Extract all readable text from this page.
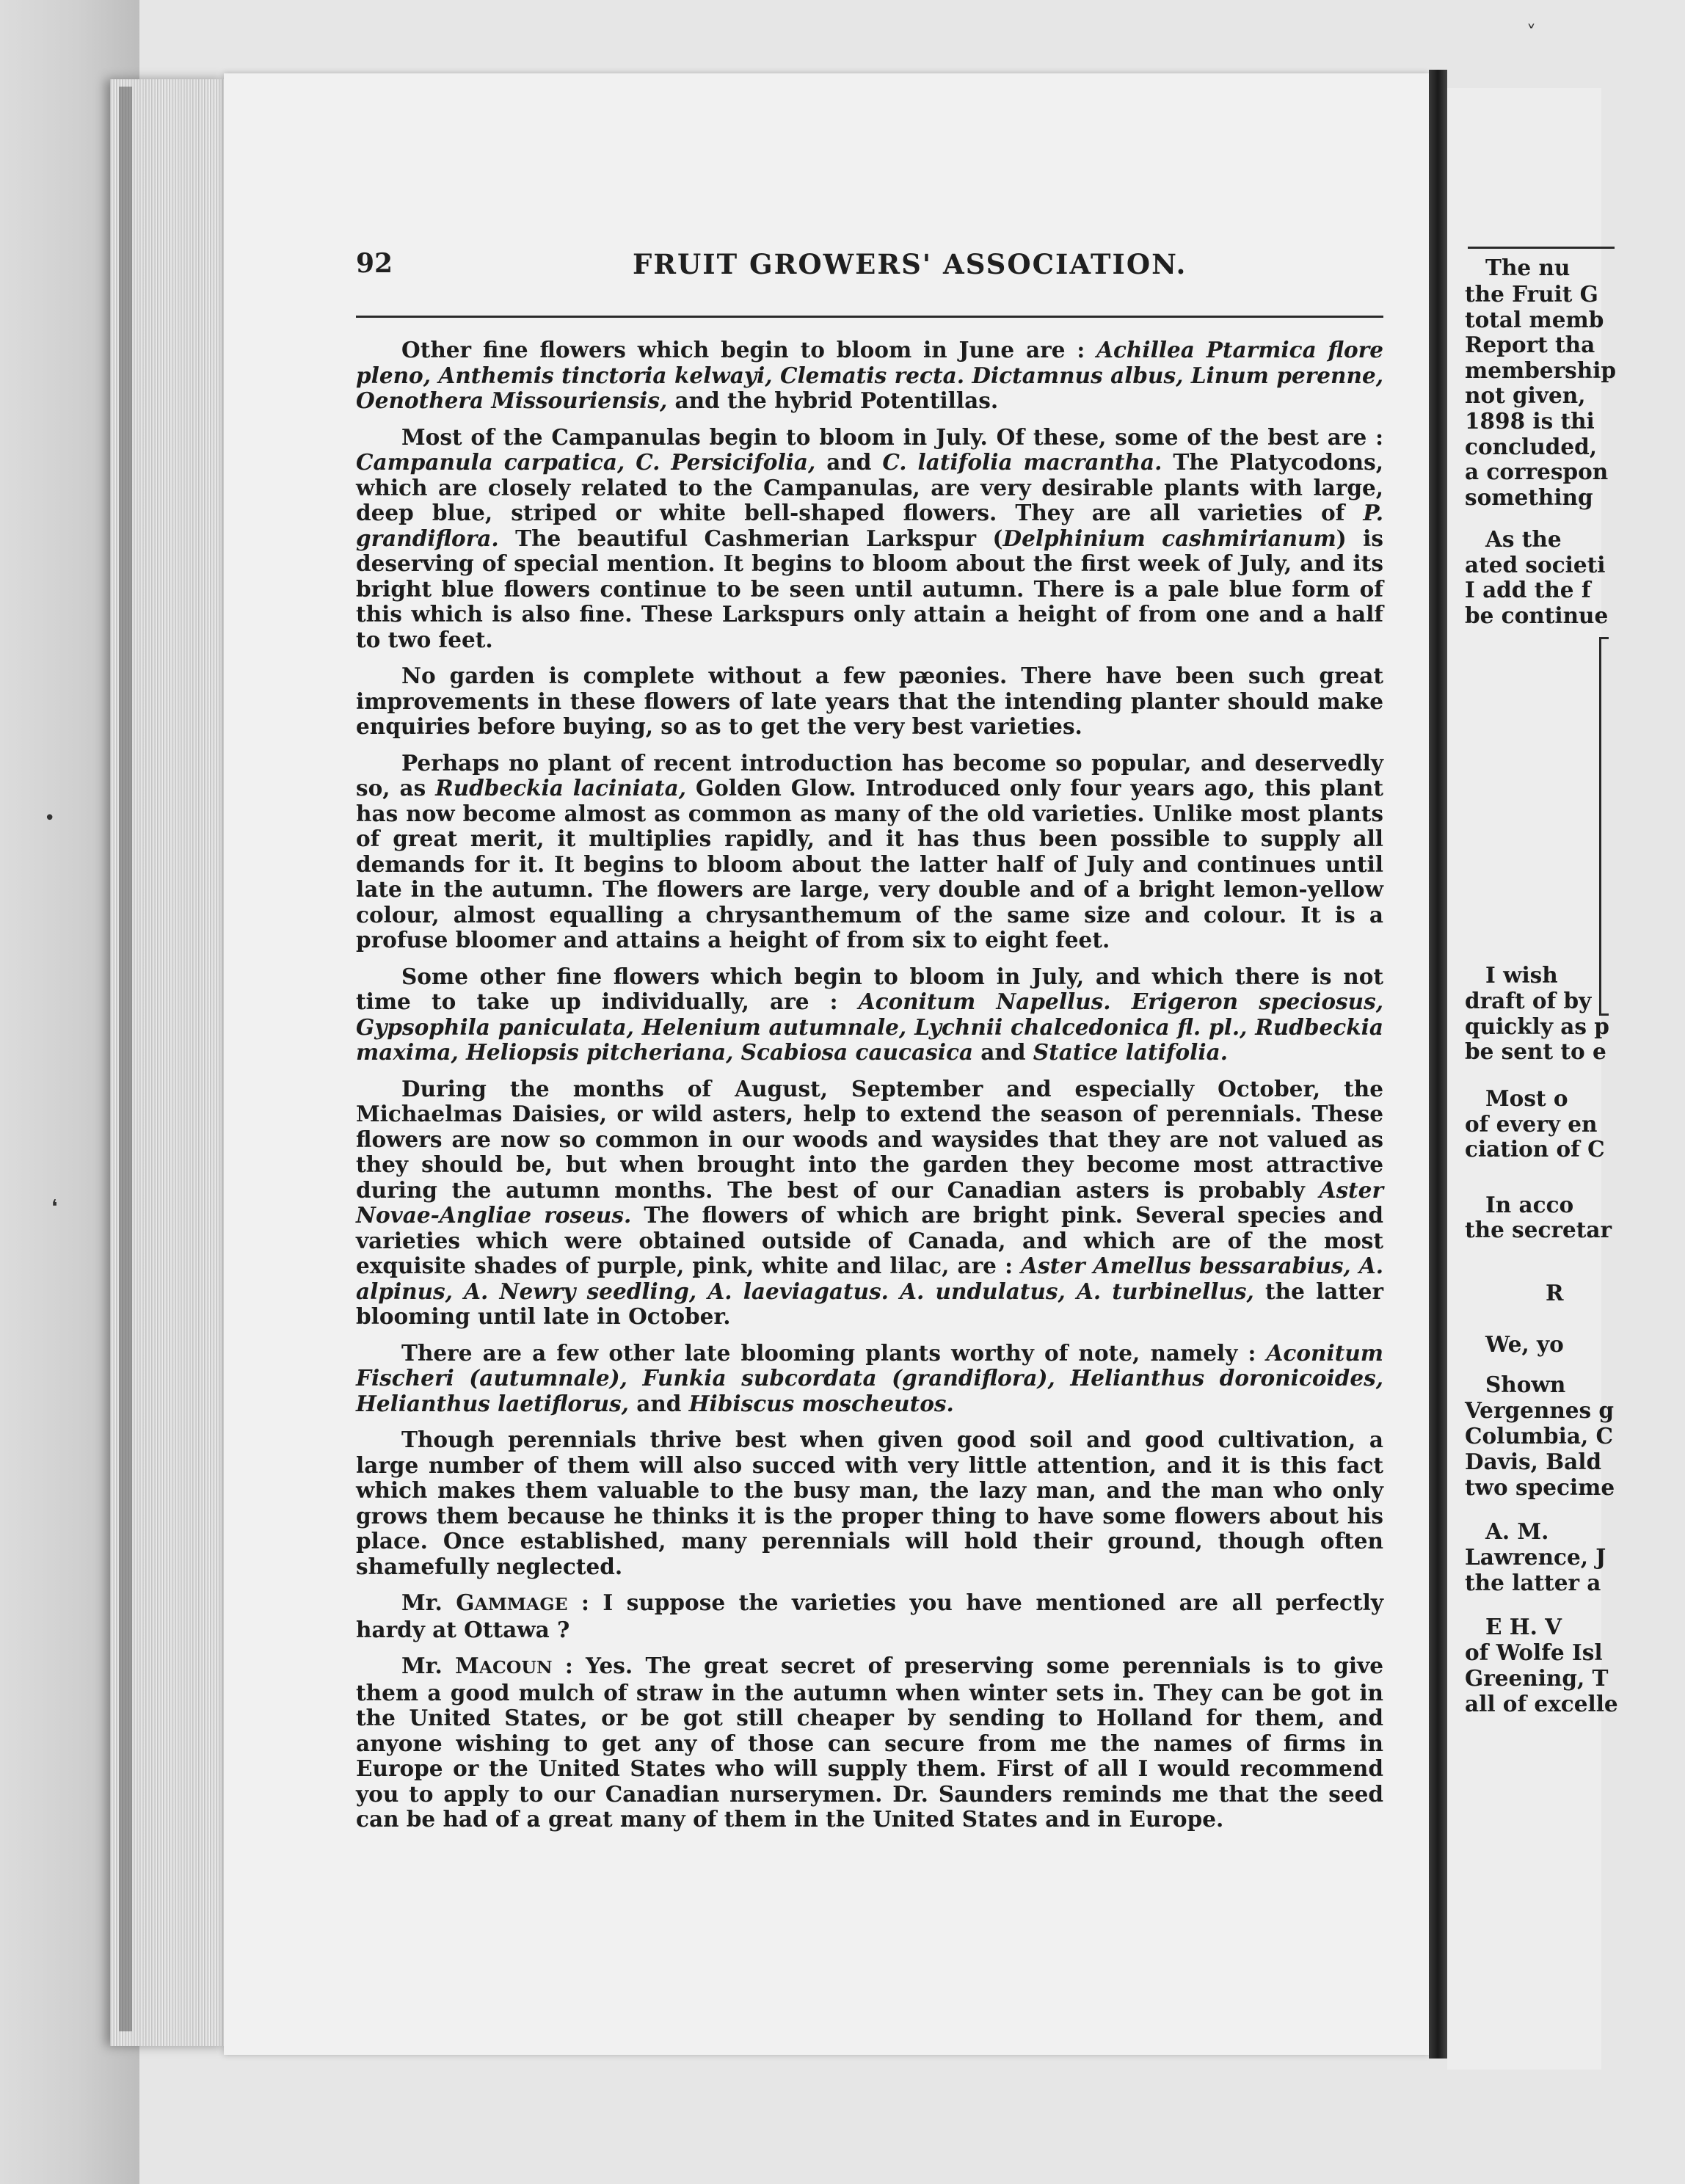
92	FRUIT GROWERS' ASSOCIATION.

Other fine flowers which begin to bloom in June are : Achillea Ptarmica flore pleno, Anthemis tinctoria kelwayi, Clematis recta. Dictamnus albus, Linum perenne, Oenothera Missouriensis, and the hybrid Potentillas.

Most of the Campanulas begin to bloom in July. Of these, some of the best are : Campanula carpatica, C. Persicifolia, and C. latifolia macrantha. The Platycodons, which are closely related to the Campanulas, are very desirable plants with large, deep blue, striped or white bell-shaped flowers. They are all varieties of P. grandiflora. The beautiful Cashmerian Larkspur (Delphinium cashmirianum) is deserving of special mention. It begins to bloom about the first week of July, and its bright blue flowers continue to be seen until autumn. There is a pale blue form of this which is also fine. These Larkspurs only attain a height of from one and a half to two feet.

No garden is complete without a few pæonies. There have been such great improvements in these flowers of late years that the intending planter should make enquiries before buying, so as to get the very best varieties.

Perhaps no plant of recent introduction has become so popular, and deservedly so, as Rudbeckia laciniata, Golden Glow. Introduced only four years ago, this plant has now become almost as common as many of the old varieties. Unlike most plants of great merit, it multiplies rapidly, and it has thus been possible to supply all demands for it. It begins to bloom about the latter half of July and continues until late in the autumn. The flowers are large, very double and of a bright lemon-yellow colour, almost equalling a chrysanthemum of the same size and colour. It is a profuse bloomer and attains a height of from six to eight feet.

Some other fine flowers which begin to bloom in July, and which there is not time to take up individually, are : Aconitum Napellus. Erigeron speciosus, Gypsophila paniculata, Helenium autumnale, Lychnii chalcedonica fl. pl., Rudbeckia maxima, Heliopsis pitcheriana, Scabiosa caucasica and Statice latifolia.

During the months of August, September and especially October, the Michaelmas Daisies, or wild asters, help to extend the season of perennials. These flowers are now so common in our woods and waysides that they are not valued as they should be, but when brought into the garden they become most attractive during the autumn months. The best of our Canadian asters is probably Aster Novae-Angliae roseus. The flowers of which are bright pink. Several species and varieties which were obtained outside of Canada, and which are of the most exquisite shades of purple, pink, white and lilac, are : Aster Amellus bessarabius, A. alpinus, A. Newry seedling, A. laeviagatus. A. undulatus, A. turbinellus, the latter blooming until late in October.

There are a few other late blooming plants worthy of note, namely : Aconitum Fischeri (autumnale), Funkia subcordata (grandiflora), Helianthus doronicoides, Helianthus laetiflorus, and Hibiscus moscheutos.

Though perennials thrive best when given good soil and good cultivation, a large number of them will also succed with very little attention, and it is this fact which makes them valuable to the busy man, the lazy man, and the man who only grows them because he thinks it is the proper thing to have some flowers about his place. Once established, many perennials will hold their ground, though often shamefully neglected.

Mr. GAMMAGE : I suppose the varieties you have mentioned are all perfectly hardy at Ottawa ?

Mr. MACOUN : Yes. The great secret of preserving some perennials is to give them a good mulch of straw in the autumn when winter sets in. They can be got in the United States, or be got still cheaper by sending to Holland for them, and anyone wishing to get any of those can secure from me the names of firms in Europe or the United States who will supply them. First of all I would recommend you to apply to our Canadian nurserymen. Dr. Saunders reminds me that the seed can be had of a great many of them in the United States and in Europe.

The nu
the Fruit G
total memb
Report tha
membership
not given,
1898 is thi
concluded,
a correspon
something
As the
ated societi
I add the f
be continue
I wish
draft of by
quickly as p
be sent to e
Most o
of every en
ciation of C
In acco
the secretar
R
We, yo
Shown
Vergennes g
Columbia, C
Davis, Bald
two specime
A. M.
Lawrence, J
the latter a
E H. V
of Wolfe Isl
Greening, T
all of excelle
•
❛
˅
